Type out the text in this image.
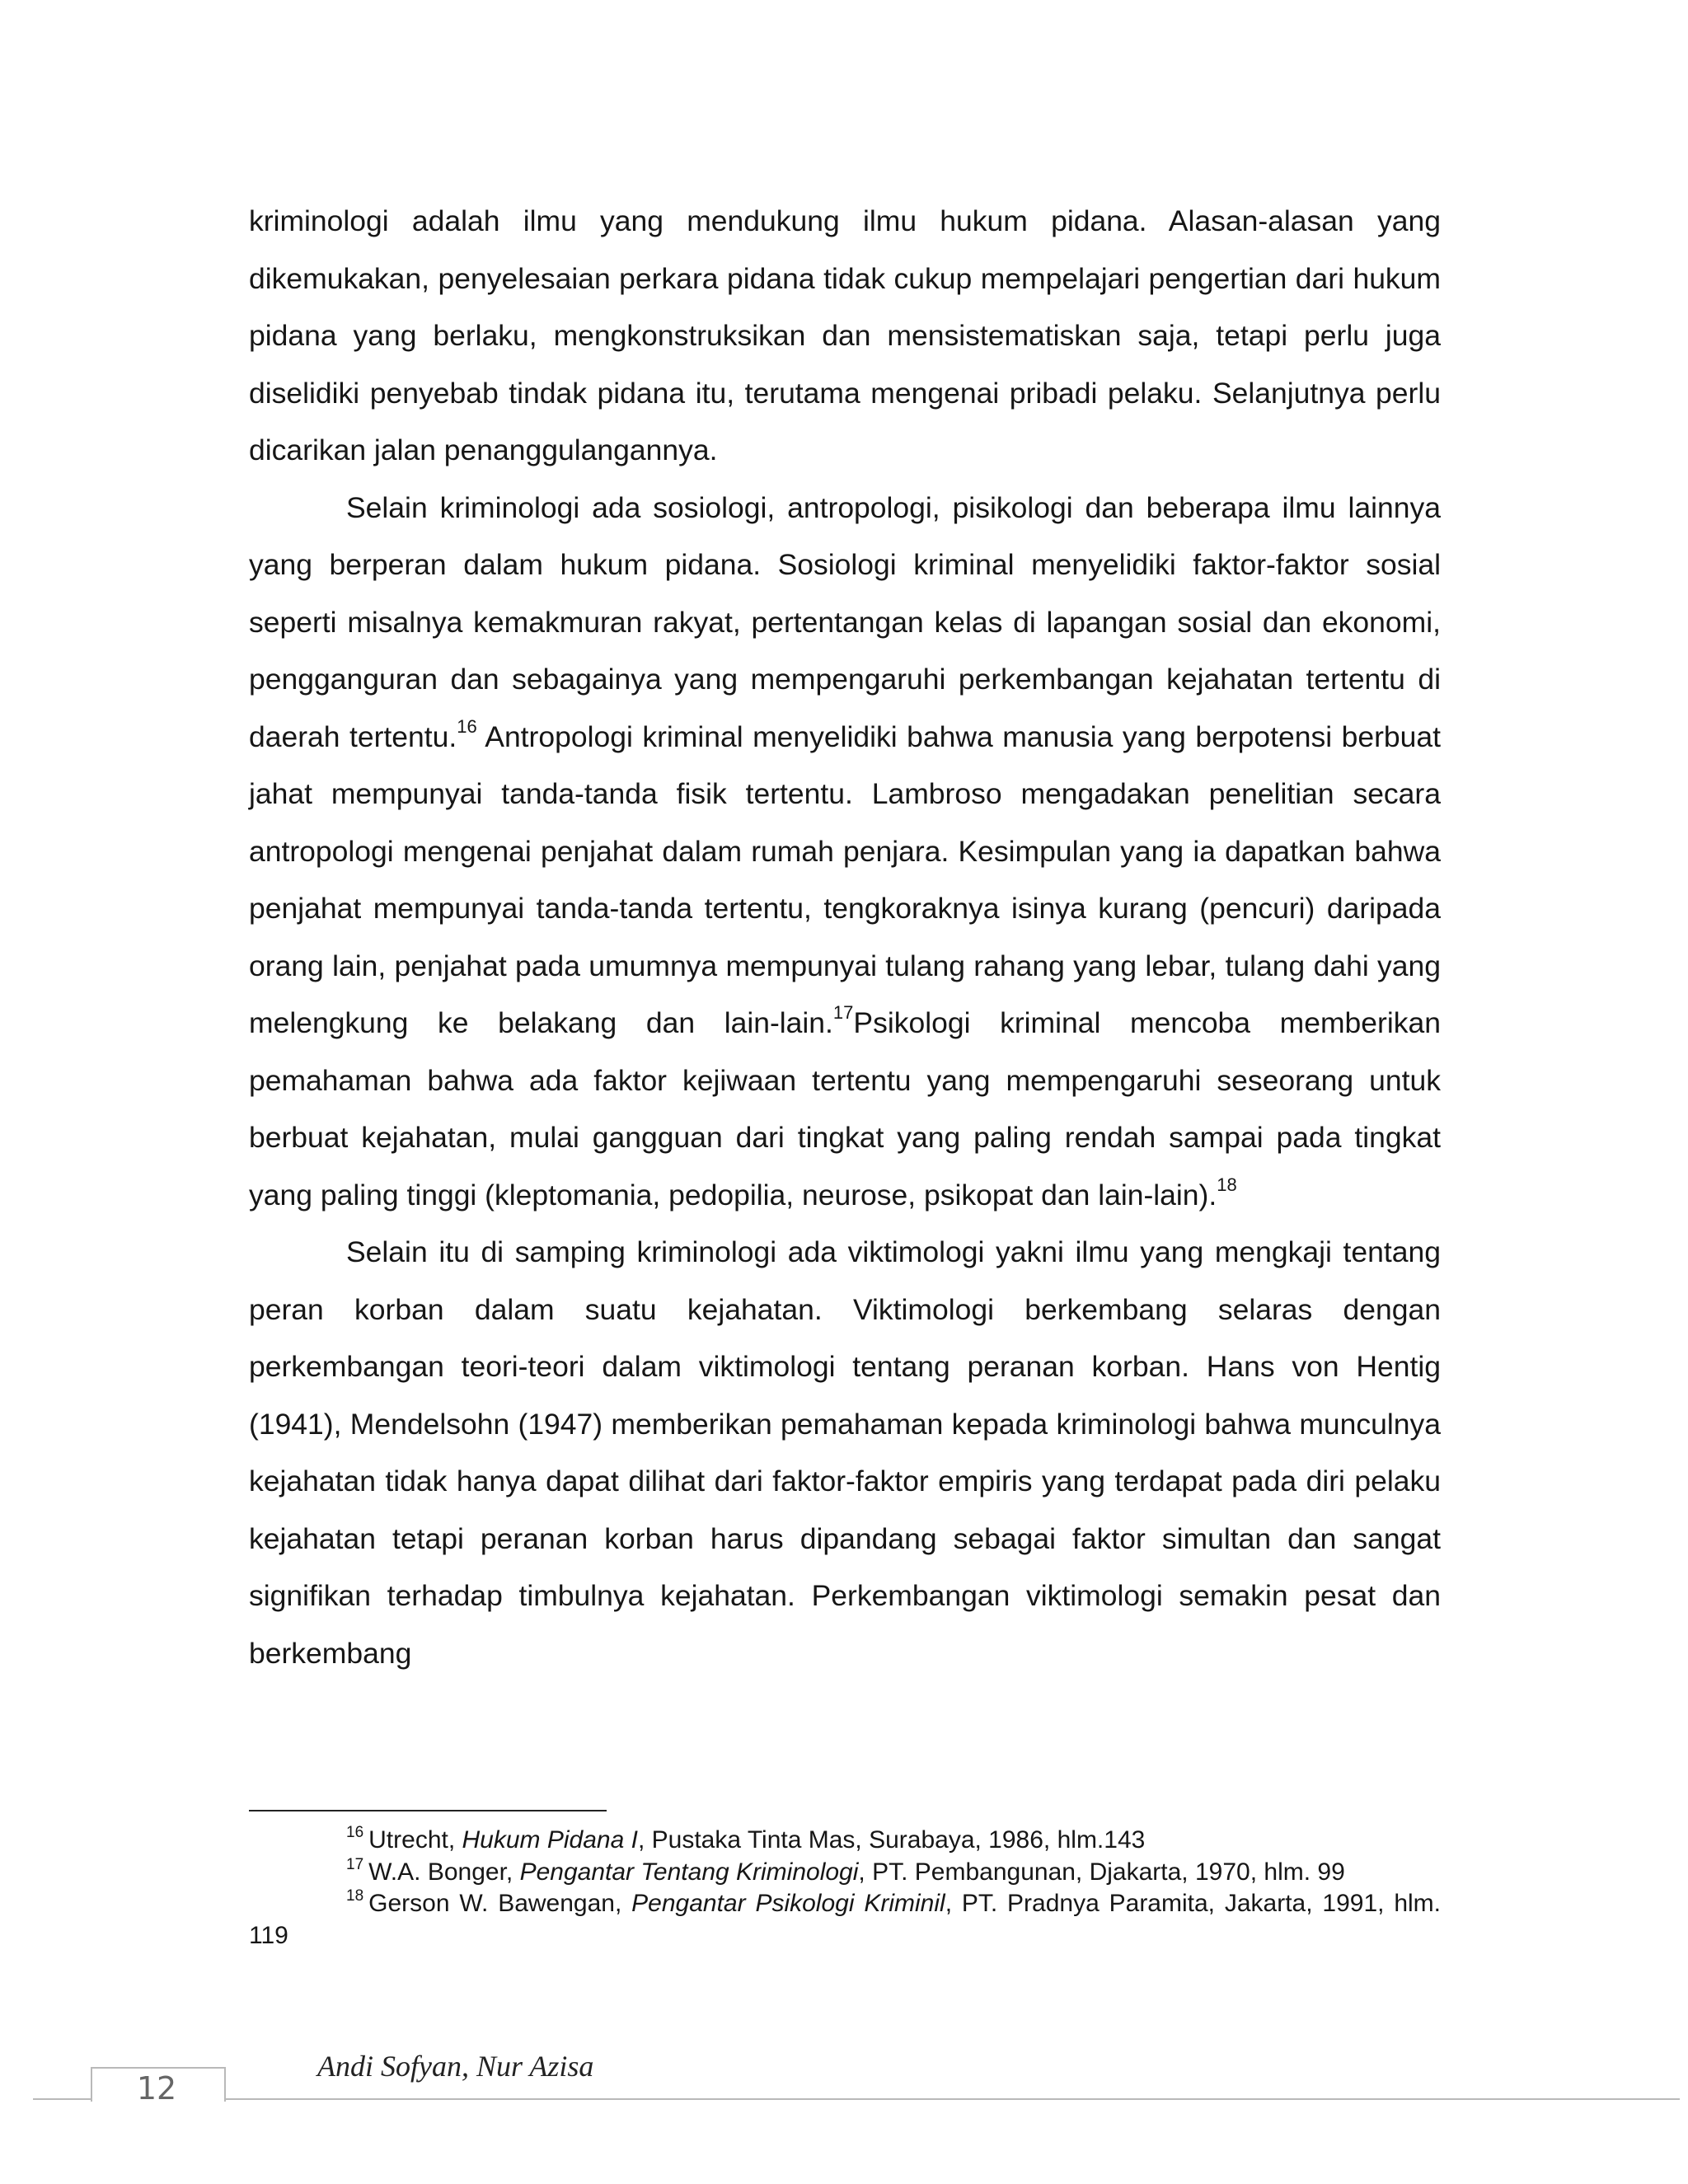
kriminologi adalah ilmu yang mendukung ilmu hukum pidana. Alasan-alasan yang dikemukakan, penyelesaian perkara pidana tidak cukup mempelajari pengertian dari hukum pidana yang berlaku, mengkonstruksikan dan mensistematiskan saja, tetapi perlu juga diselidiki penyebab tindak pidana itu, terutama mengenai pribadi pelaku. Selanjutnya perlu dicarikan jalan penanggulangannya.

Selain kriminologi ada sosiologi, antropologi, pisikologi dan beberapa ilmu lainnya yang berperan dalam hukum pidana. Sosiologi kriminal menyelidiki faktor-faktor sosial seperti misalnya kemakmuran rakyat, pertentangan kelas di lapangan sosial dan ekonomi, pengganguran dan sebagainya yang mempengaruhi perkembangan kejahatan tertentu di daerah tertentu.$^{16}$ Antropologi kriminal menyelidiki bahwa manusia yang berpotensi berbuat jahat mempunyai tanda-tanda fisik tertentu. Lambroso mengadakan penelitian secara antropologi mengenai penjahat dalam rumah penjara. Kesimpulan yang ia dapatkan bahwa penjahat mempunyai tanda-tanda tertentu, tengkoraknya isinya kurang (pencuri) daripada orang lain, penjahat pada umumnya mempunyai tulang rahang yang lebar, tulang dahi yang melengkung ke belakang dan lain-lain.$^{17}$Psikologi kriminal mencoba memberikan pemahaman bahwa ada faktor kejiwaan tertentu yang mempengaruhi seseorang untuk berbuat kejahatan, mulai gangguan dari tingkat yang paling rendah sampai pada tingkat yang paling tinggi (kleptomania, pedopilia, neurose, psikopat dan lain-lain).$^{18}$

Selain itu di samping kriminologi ada viktimologi yakni ilmu yang mengkaji tentang peran korban dalam suatu kejahatan. Viktimologi berkembang selaras dengan perkembangan teori-teori dalam viktimologi tentang peranan korban. Hans von Hentig (1941), Mendelsohn (1947) memberikan pemahaman kepada kriminologi bahwa munculnya kejahatan tidak hanya dapat dilihat dari faktor-faktor empiris yang terdapat pada diri pelaku kejahatan tetapi peranan korban harus dipandang sebagai faktor simultan dan sangat signifikan terhadap timbulnya kejahatan. Perkembangan viktimologi semakin pesat dan berkembang

$^{16}$ Utrecht, Hukum Pidana I, Pustaka Tinta Mas, Surabaya, 1986, hlm.143

$^{17}$ W.A. Bonger, Pengantar Tentang Kriminologi, PT. Pembangunan, Djakarta, 1970, hlm. 99

$^{18}$ Gerson W. Bawengan, Pengantar Psikologi Kriminil, PT. Pradnya Paramita, Jakarta, 1991, hlm. 119

12
Andi Sofyan, Nur Azisa
